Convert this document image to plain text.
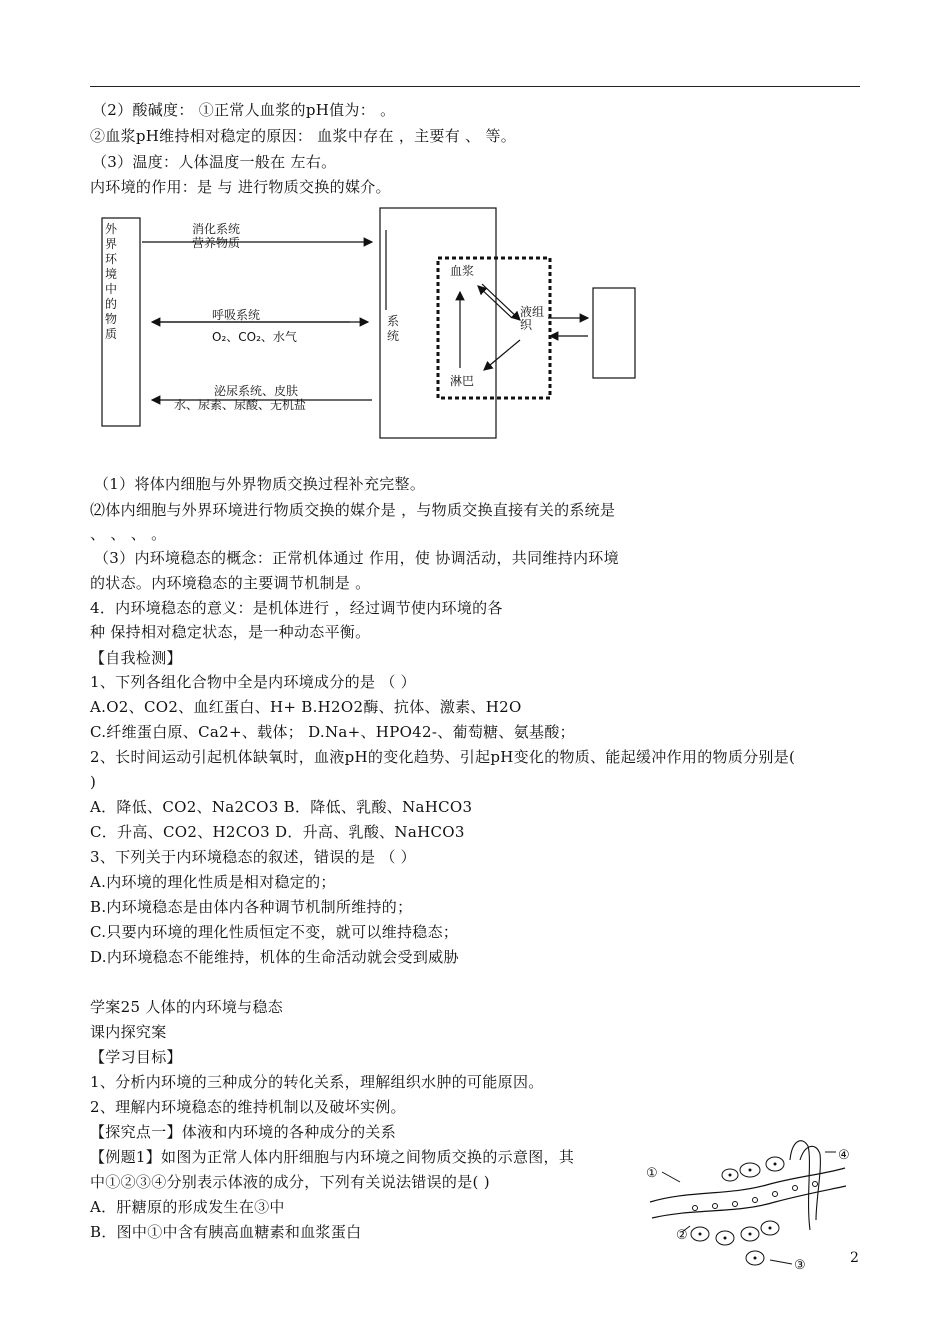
（2）酸碱度： ①正常人血浆的pH值为： 。
②血浆pH维持相对稳定的原因： 血浆中存在 ，主要有 、 等。
（3）温度：人体温度一般在 左右。
内环境的作用：是 与 进行物质交换的媒介。
外界环境中的物质
消化系统
营养物质
呼吸系统
O₂、CO₂、水气
泌尿系统、皮肤
水、尿素、尿酸、无机盐
系统
血浆
液组织
淋巴
（1）将体内细胞与外界物质交换过程补充完整。
⑵体内细胞与外界环境进行物质交换的媒介是 ，与物质交换直接有关的系统是
、 、 、 。
（3）内环境稳态的概念：正常机体通过 作用，使 协调活动，共同维持内环境
的状态。内环境稳态的主要调节机制是 。
4．内环境稳态的意义：是机体进行 ，经过调节使内环境的各
种 保持相对稳定状态，是一种动态平衡。
【自我检测】
1、下列各组化合物中全是内环境成分的是 （ ）
A.O2、CO2、血红蛋白、H+ B.H2O2酶、抗体、激素、H2O
C.纤维蛋白原、Ca2+、载体； D.Na+、HPO42-、葡萄糖、氨基酸；
2、长时间运动引起机体缺氧时，血液pH的变化趋势、引起pH变化的物质、能起缓冲作用的物质分别是(
)
A．降低、CO2、Na2CO3 B．降低、乳酸、NaHCO3
C．升高、CO2、H2CO3 D．升高、乳酸、NaHCO3
3、下列关于内环境稳态的叙述，错误的是 （ ）
A.内环境的理化性质是相对稳定的；
B.内环境稳态是由体内各种调节机制所维持的；
C.只要内环境的理化性质恒定不变，就可以维持稳态；
D.内环境稳态不能维持，机体的生命活动就会受到威胁
学案25 人体的内环境与稳态
课内探究案
【学习目标】
1、分析内环境的三种成分的转化关系，理解组织水肿的可能原因。
2、理解内环境稳态的维持机制以及破坏实例。
【探究点一】体液和内环境的各种成分的关系
【例题1】如图为正常人体内肝细胞与内环境之间物质交换的示意图，其
中①②③④分别表示体液的成分，下列有关说法错误的是( )
A．肝糖原的形成发生在③中
B．图中①中含有胰高血糖素和血浆蛋白
①
②
③
④
2
